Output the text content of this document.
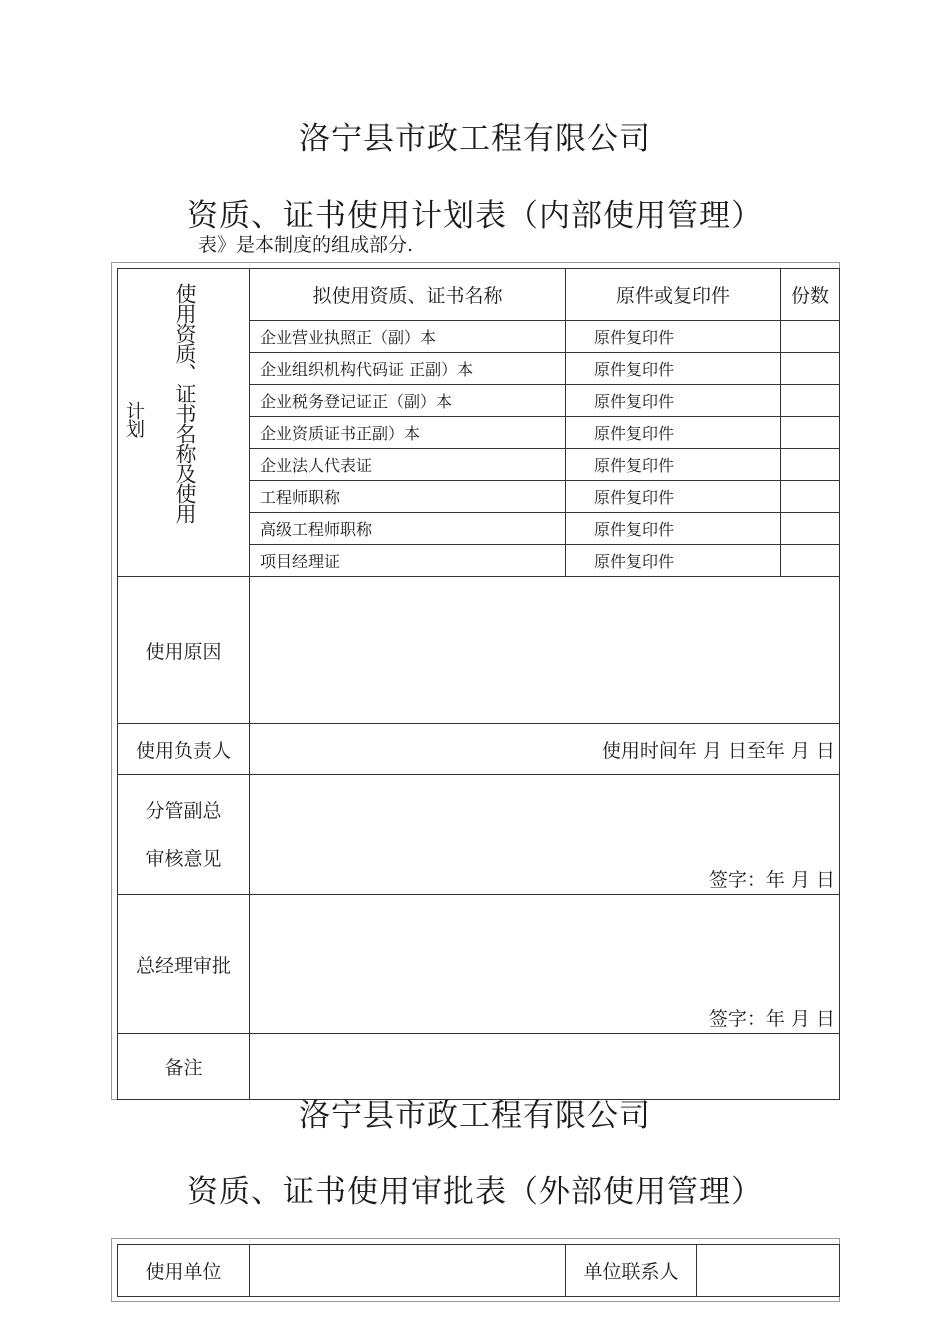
洛宁县市政工程有限公司
资质、证书使用计划表（内部使用管理）
表》是本制度的组成部分.
计划 使用资质、证书名称及使用	拟使用资质、证书名称	原件或复印件	份数
	企业营业执照正（副）本	原件复印件	
	企业组织机构代码证 正副）本	原件复印件	
	企业税务登记证正（副）本	原件复印件	
	企业资质证书正副）本	原件复印件	
	企业法人代表证	原件复印件	
	工程师职称	原件复印件	
	高级工程师职称	原件复印件	
	项目经理证	原件复印件	
使用原因			
使用负责人	使用时间年 月 日至年 月 日		

分管副总
审核意见	签字：年 月 日		

总经理审批	签字：年 月 日		

备注			
洛宁县市政工程有限公司
资质、证书使用审批表（外部使用管理）
使用单位		单位联系人	
